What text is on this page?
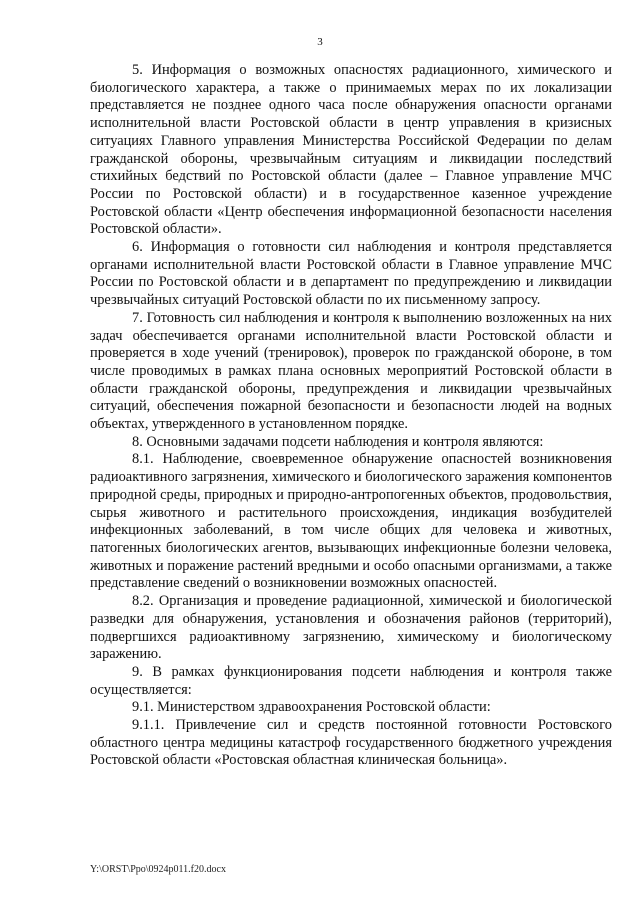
3

5. Информация о возможных опасностях радиационного, химического и биологического характера, а также о принимаемых мерах по их локализации представляется не позднее одного часа после обнаружения опасности органами исполнительной власти Ростовской области в центр управления в кризисных ситуациях Главного управления Министерства Российской Федерации по делам гражданской обороны, чрезвычайным ситуациям и ликвидации последствий стихийных бедствий по Ростовской области (далее – Главное управление МЧС России по Ростовской области) и в государственное казенное учреждение Ростовской области «Центр обеспечения информационной безопасности населения Ростовской области».

6. Информация о готовности сил наблюдения и контроля представляется органами исполнительной власти Ростовской области в Главное управление МЧС России по Ростовской области и в департамент по предупреждению и ликвидации чрезвычайных ситуаций Ростовской области по их письменному запросу.

7. Готовность сил наблюдения и контроля к выполнению возложенных на них задач обеспечивается органами исполнительной власти Ростовской области и проверяется в ходе учений (тренировок), проверок по гражданской обороне, в том числе проводимых в рамках плана основных мероприятий Ростовской области в области гражданской обороны, предупреждения и ликвидации чрезвычайных ситуаций, обеспечения пожарной безопасности и безопасности людей на водных объектах, утвержденного в установленном порядке.

8. Основными задачами подсети наблюдения и контроля являются:

8.1. Наблюдение, своевременное обнаружение опасностей возникновения радиоактивного загрязнения, химического и биологического заражения компонентов природной среды, природных и природно-антропогенных объектов, продовольствия, сырья животного и растительного происхождения, индикация возбудителей инфекционных заболеваний, в том числе общих для человека и животных, патогенных биологических агентов, вызывающих инфекционные болезни человека, животных и поражение растений вредными и особо опасными организмами, а также представление сведений о возникновении возможных опасностей.

8.2. Организация и проведение радиационной, химической и биологической разведки для обнаружения, установления и обозначения районов (территорий), подвергшихся радиоактивному загрязнению, химическому и биологическому заражению.

9. В рамках функционирования подсети наблюдения и контроля также осуществляется:

9.1. Министерством здравоохранения Ростовской области:

9.1.1. Привлечение сил и средств постоянной готовности Ростовского областного центра медицины катастроф государственного бюджетного учреждения Ростовской области «Ростовская областная клиническая больница».

Y:\ORST\Ppo\0924p011.f20.docx
